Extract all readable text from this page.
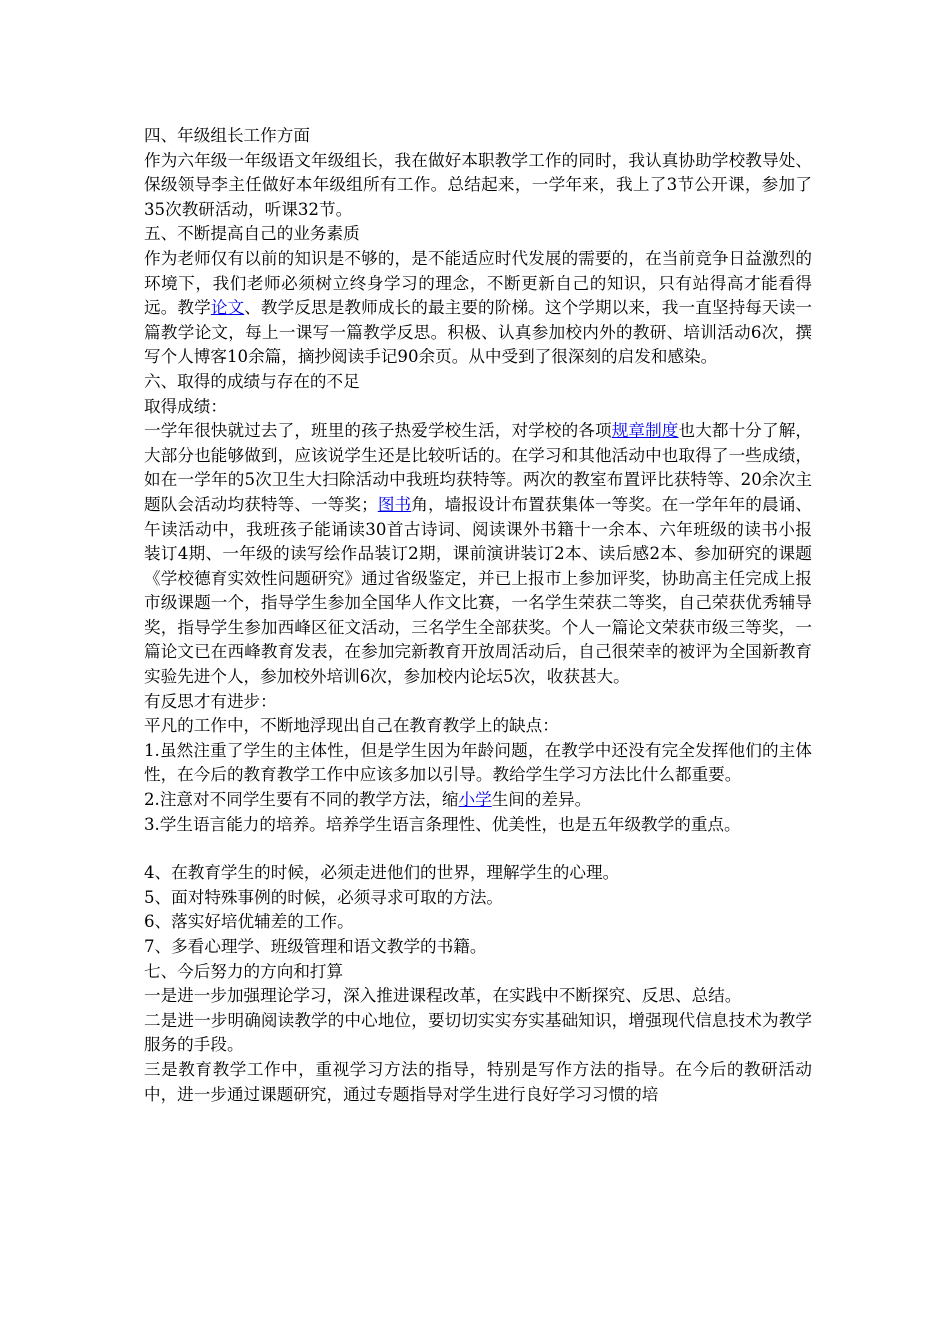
四、年级组长工作方面
作为六年级一年级语文年级组长，我在做好本职教学工作的同时，我认真协助学校教导处、保级领导李主任做好本年级组所有工作。总结起来，一学年来，我上了3节公开课，参加了35次教研活动，听课32节。
五、不断提高自己的业务素质
作为老师仅有以前的知识是不够的，是不能适应时代发展的需要的，在当前竞争日益激烈的环境下，我们老师必须树立终身学习的理念，不断更新自己的知识，只有站得高才能看得远。教学论文、教学反思是教师成长的最主要的阶梯。这个学期以来，我一直坚持每天读一篇教学论文，每上一课写一篇教学反思。积极、认真参加校内外的教研、培训活动6次，撰写个人博客10余篇，摘抄阅读手记90余页。从中受到了很深刻的启发和感染。
六、取得的成绩与存在的不足
取得成绩：
一学年很快就过去了，班里的孩子热爱学校生活，对学校的各项规章制度也大都十分了解，大部分也能够做到，应该说学生还是比较听话的。在学习和其他活动中也取得了一些成绩，如在一学年的5次卫生大扫除活动中我班均获特等。两次的教室布置评比获特等、20余次主题队会活动均获特等、一等奖；图书角，墙报设计布置获集体一等奖。在一学年年的晨诵、午读活动中，我班孩子能诵读30首古诗词、阅读课外书籍十一余本、六年班级的读书小报装订4期、一年级的读写绘作品装订2期，课前演讲装订2本、读后感2本、参加研究的课题《学校德育实效性问题研究》通过省级鉴定，并已上报市上参加评奖，协助高主任完成上报市级课题一个，指导学生参加全国华人作文比赛，一名学生荣获二等奖，自己荣获优秀辅导奖，指导学生参加西峰区征文活动，三名学生全部获奖。个人一篇论文荣获市级三等奖，一篇论文已在西峰教育发表，在参加完新教育开放周活动后，自己很荣幸的被评为全国新教育实验先进个人，参加校外培训6次，参加校内论坛5次，收获甚大。
有反思才有进步：
平凡的工作中，不断地浮现出自己在教育教学上的缺点：
1.虽然注重了学生的主体性，但是学生因为年龄问题，在教学中还没有完全发挥他们的主体性，在今后的教育教学工作中应该多加以引导。教给学生学习方法比什么都重要。
2.注意对不同学生要有不同的教学方法，缩小学生间的差异。
3.学生语言能力的培养。培养学生语言条理性、优美性，也是五年级教学的重点。
4、在教育学生的时候，必须走进他们的世界，理解学生的心理。
5、面对特殊事例的时候，必须寻求可取的方法。
6、落实好培优辅差的工作。
7、多看心理学、班级管理和语文教学的书籍。
七、今后努力的方向和打算
一是进一步加强理论学习，深入推进课程改革，在实践中不断探究、反思、总结。
二是进一步明确阅读教学的中心地位，要切切实实夯实基础知识，增强现代信息技术为教学服务的手段。
三是教育教学工作中，重视学习方法的指导，特别是写作方法的指导。在今后的教研活动中，进一步通过课题研究，通过专题指导对学生进行良好学习习惯的培
